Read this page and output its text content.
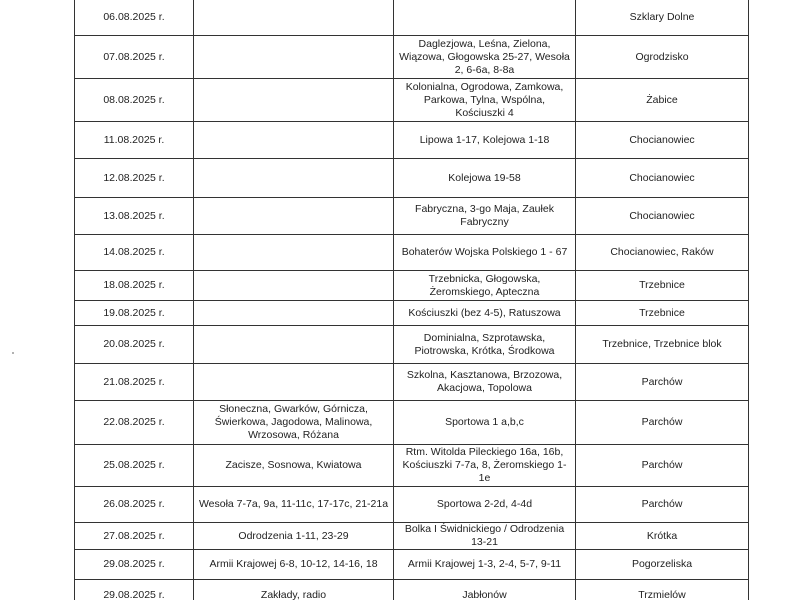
06.08.2025 r.			Szklary Dolne
07.08.2025 r.		Daglezjowa, Leśna, Zielona, Wiązowa, Głogowska 25-27, Wesoła 2, 6-6a, 8-8a	Ogrodzisko
08.08.2025 r.		Kolonialna, Ogrodowa, Zamkowa, Parkowa, Tylna, Wspólna, Kościuszki 4	Żabice
11.08.2025 r.		Lipowa 1-17, Kolejowa 1-18	Chocianowiec
12.08.2025 r.		Kolejowa 19-58	Chocianowiec
13.08.2025 r.		Fabryczna, 3-go Maja, Zaułek Fabryczny	Chocianowiec
14.08.2025 r.		Bohaterów Wojska Polskiego 1 - 67	Chocianowiec, Raków
18.08.2025 r.		Trzebnicka, Głogowska, Żeromskiego, Apteczna	Trzebnice
19.08.2025 r.		Kościuszki (bez 4-5), Ratuszowa	Trzebnice
20.08.2025 r.		Dominialna, Szprotawska, Piotrowska, Krótka, Środkowa	Trzebnice, Trzebnice blok
21.08.2025 r.		Szkolna, Kasztanowa, Brzozowa, Akacjowa, Topolowa	Parchów
22.08.2025 r.	Słoneczna, Gwarków, Górnicza, Świerkowa, Jagodowa, Malinowa, Wrzosowa, Różana	Sportowa 1 a,b,c	Parchów
25.08.2025 r.	Zacisze, Sosnowa, Kwiatowa	Rtm. Witolda Pileckiego 16a, 16b, Kościuszki 7-7a, 8, Żeromskiego 1-1e	Parchów
26.08.2025 r.	Wesoła 7-7a, 9a, 11-11c, 17-17c, 21-21a	Sportowa 2-2d, 4-4d	Parchów
27.08.2025 r.	Odrodzenia 1-11, 23-29	Bolka I Świdnickiego / Odrodzenia 13-21	Krótka
29.08.2025 r.	Armii Krajowej 6-8, 10-12, 14-16, 18	Armii Krajowej 1-3, 2-4, 5-7, 9-11	Pogorzeliska
29.08.2025 r.	Zakłady, radio	Jabłonów	Trzmielów
